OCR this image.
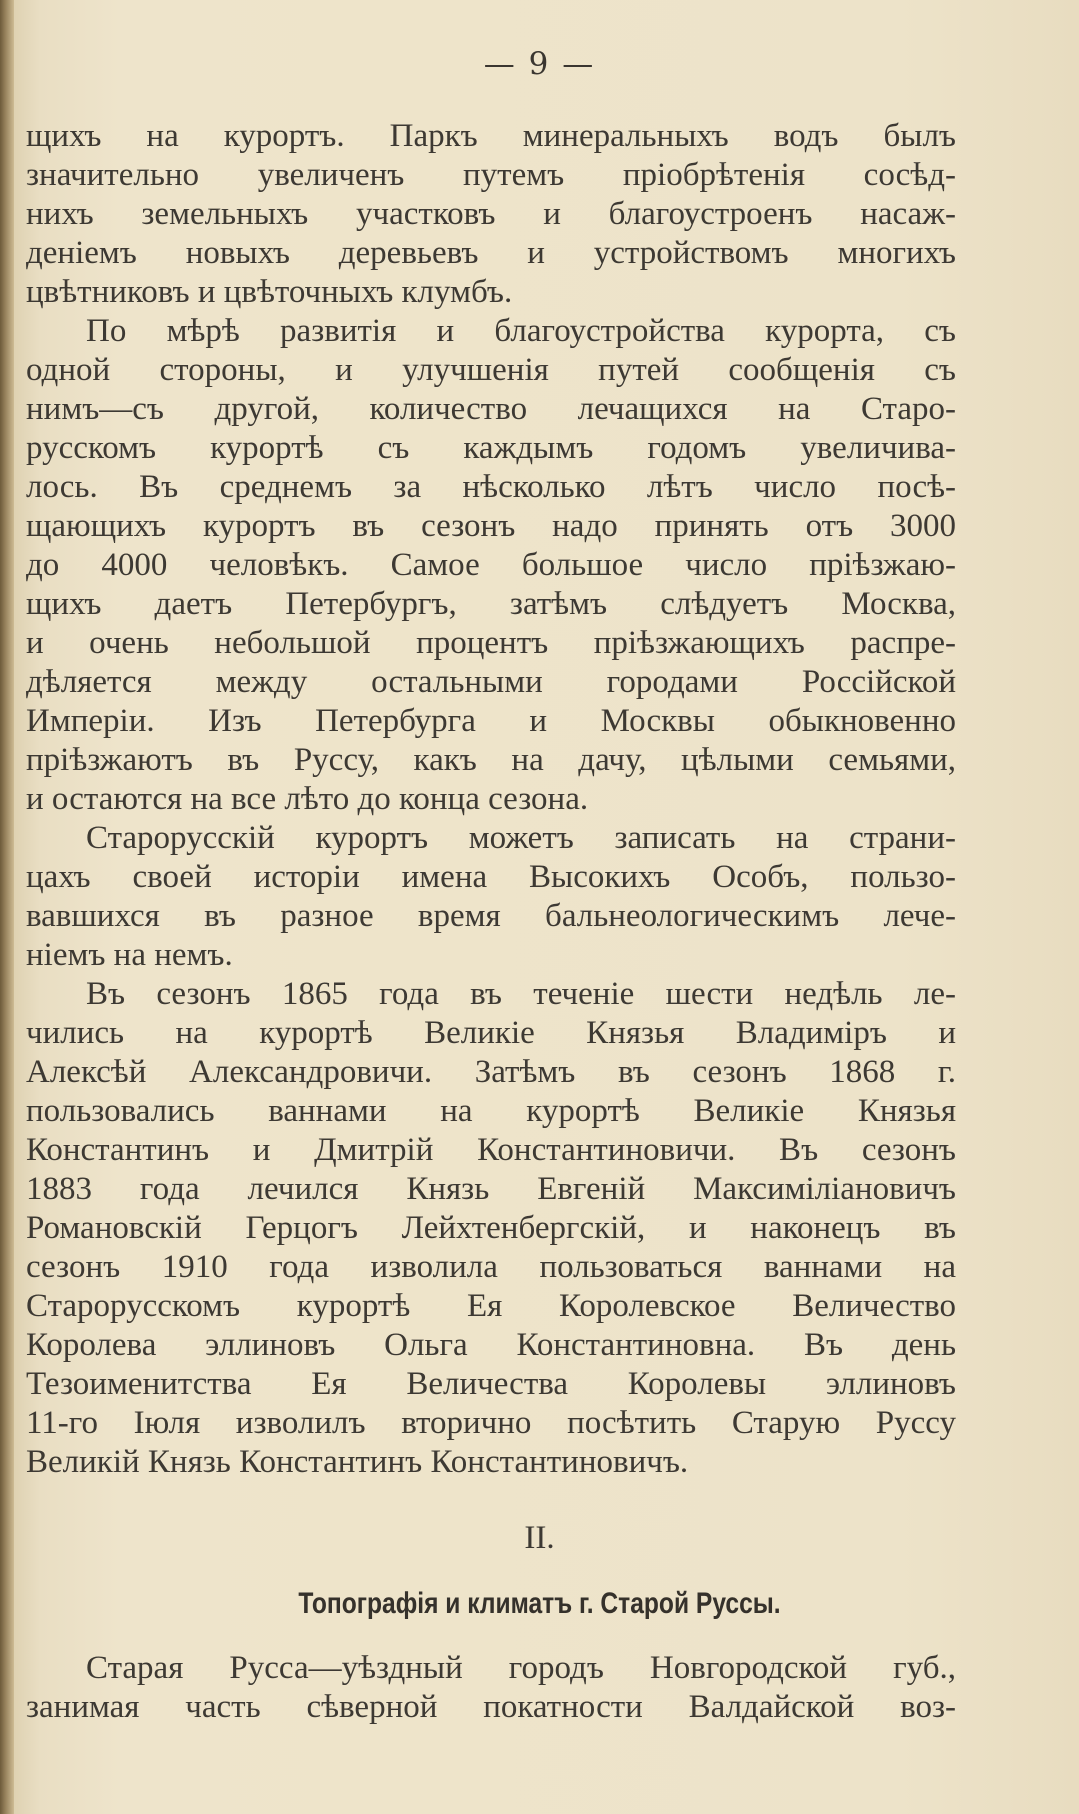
— 9 —
щихъ на курортъ. Паркъ минеральныхъ водъ былъ
значительно увеличенъ путемъ пріобрѣтенія сосѣд-
нихъ земельныхъ участковъ и благоустроенъ насаж-
деніемъ новыхъ деревьевъ и устройствомъ многихъ
цвѣтниковъ и цвѣточныхъ клумбъ.
По мѣрѣ развитія и благоустройства курорта, съ
одной стороны, и улучшенія путей сообщенія съ
нимъ—съ другой, количество лечащихся на Старо-
русскомъ курортѣ съ каждымъ годомъ увеличива-
лось. Въ среднемъ за нѣсколько лѣтъ число посѣ-
щающихъ курортъ въ сезонъ надо принять отъ 3000
до 4000 человѣкъ. Самое большое число пріѣзжаю-
щихъ даетъ Петербургъ, затѣмъ слѣдуетъ Москва,
и очень небольшой процентъ пріѣзжающихъ распре-
дѣляется между остальными городами Россійской
Имперіи. Изъ Петербурга и Москвы обыкновенно
пріѣзжаютъ въ Руссу, какъ на дачу, цѣлыми семьями,
и остаются на все лѣто до конца сезона.
Старорусскій курортъ можетъ записать на страни-
цахъ своей исторіи имена Высокихъ Особъ, пользо-
вавшихся въ разное время бальнеологическимъ лече-
ніемъ на немъ.
Въ сезонъ 1865 года въ теченіе шести недѣль ле-
чились на курортѣ Великіе Князья Владиміръ и
Алексѣй Александровичи. Затѣмъ въ сезонъ 1868 г.
пользовались ваннами на курортѣ Великіе Князья
Константинъ и Дмитрій Константиновичи. Въ сезонъ
1883 года лечился Князь Евгеній Максиміліановичъ
Романовскій Герцогъ Лейхтенбергскій, и наконецъ въ
сезонъ 1910 года изволила пользоваться ваннами на
Старорусскомъ курортѣ Ея Королевское Величество
Королева эллиновъ Ольга Константиновна. Въ день
Тезоименитства Ея Величества Королевы эллиновъ
11-го Іюля изволилъ вторично посѣтить Старую Руссу
Великій Князь Константинъ Константиновичъ.
II.
Топографія и климатъ г. Старой Руссы.
Старая Русса—уѣздный городъ Новгородской губ.,
занимая часть сѣверной покатности Валдайской воз-
